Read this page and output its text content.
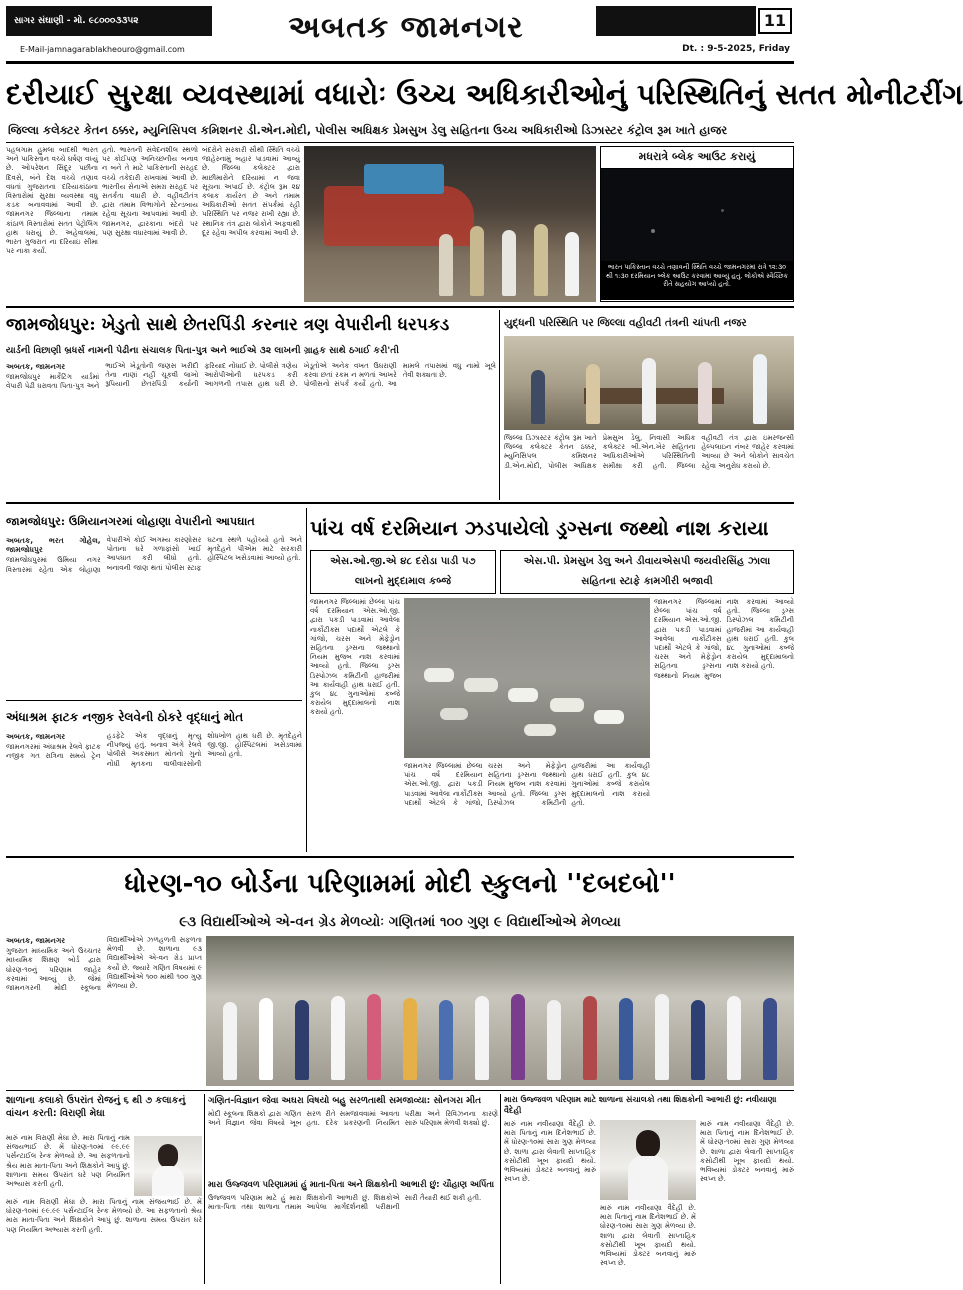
સાગર સંઘાણી - મો. ૯૮૦૦૦૩૩૫૨
E-Mail-jamnagarablakheouro@gmail.com
અબતક જામનગર	11
Dt. : 9-5-2025, Friday
દરીયાઈ સુરક્ષા વ્યવસ્થામાં વધારોઃ ઉચ્ચ અધિકારીઓનું પરિસ્થિતિનું સતત મોનીટરીંગ
જિલ્લા કલેક્ટર કેતન ઠક્કર, મ્યુનિસિપલ કમિશનર ડી.એન.મોદી, પોલીસ અધિક્ષક પ્રેમસુખ ડેલુ સહિતના ઉચ્ચ અધિકારીઓ ડિઝાસ્ટર કંટ્રોલ રૂમ ખાતે હાજર

પહલગામ હુમલા બાદથી ભારત અને પાકિસ્તાન વચ્ચે ઘર્ષણ વધ્યું છે. ઓપરેશન સિંદૂર પછીના દિવસે, બંને દેશ વચ્ચે તણાવ વધતાં ગુજરાતના દરિયાકાંઠાના વિસ્તારોમાં સુરક્ષા વ્યવસ્થા વધુ કડક બનાવવામાં આવી છે. જામનગર જિલ્લાના તમામ કાંઠાળ વિસ્તારોમાં સતત પેટ્રોલિંગ હાથ ધરાયું છે. અહેવાલમાં, ભારત ગુજરાત ના દરિયાઇ સીમા પર નાકા કર્યાં.

હતો. ભારતની સંવેદનશીલ સ્થળો પર કોઈપણ અનિચ્છનીય બનાવ ન બને તે માટે પાકિસ્તાની સરહદ વચ્ચે તકેદારી રાખવામાં આવી છે. ભારતીય સેનાએ સમગ્ર સરહદ પર સતર્કતા વધારી છે. વહીવટીતંત્ર દ્વારા તમામ વિભાગોને સ્ટેન્ડબાય રહેવા સૂચના આપવામાં આવી છે. જામનગર, દ્વારકાના બંદરો પર પણ સુરક્ષા વધારવામાં આવી છે.

બંદરોને સરકારી સૌથી સ્થિતિ વચ્ચે જાહેરનામું બહાર પાડવામાં આવ્યું છે. જિલ્લા કલેક્ટર દ્વારા માછીમારોને દરિયામાં ન જવા સૂચના અપાઈ છે. કંટ્રોલ રૂમ ૨૪ કલાક કાર્યરત છે અને તમામ અધિકારીઓ સતત સંપર્કમાં રહી પરિસ્થિતિ પર નજર રાખી રહ્યા છે. સ્થાનિક તંત્ર દ્વારા લોકોને અફવાથી દૂર રહેવા અપીલ કરવામાં આવી છે.

મધરાત્રે બ્લેક આઉટ કરાયું

ભારત પાકિસ્તાન વચ્ચે તણાવની સ્થિતિ વચ્ચે જામનગરમાં રાત્રે ૧૨:૩૦ થી ૧:૩૦ દરમિયાન બ્લેક આઉટ કરવામાં આવ્યું હતું. લોકોએ સ્વૈચ્છિક રીતે સહયોગ આપ્યો હતો.

જામજોધપુર: ખેડુતો સાથે છેતરપિંડી કરનાર ત્રણ વેપારીની ધરપકડ
યાર્ડની વિછાણી બ્રધર્સ નામની પેઢીના સંચાલક પિતા-પુત્ર અને ભાઈએ ૩૨ લાખની ગ્રાહક સાથે ઠગાઈ કરી'તી
અબતક, જામનગર

જામજોધપુર માર્કેટિંગ યાર્ડમાં વેપારી પેઢી ધરાવતા પિતા-પુત્ર અને ભાઈએ ખેડૂતોની જણસ ખરીદી તેના નાણાં નહીં ચૂકવી લાખો રૂપિયાની છેતરપિંડી કર્યાની ફરિયાદ નોંધાઈ છે. પોલીસે ત્રણેય આરોપીઓની ધરપકડ કરી આગળની તપાસ હાથ ધરી છે. ખેડૂતોએ અનેક વખત ઉઘરાણી કરવા છતાં રકમ ન મળતાં આખરે પોલીસનો સંપર્ક કર્યો હતો. આ મામલે તપાસમાં વધુ નામો ખૂલે તેવી શક્યતા છે.

યુદ્ધની પરિસ્થિતિ પર જિલ્લા વહીવટી તંત્રની ચાંપતી નજર

જિલ્લા ડિઝાસ્ટર કંટ્રોલ રૂમ ખાતે જિલ્લા કલેક્ટર કેતન ઠક્કર, મ્યુનિસિપલ કમિશનર ડી.એન.મોદી, પોલીસ અધિક્ષક પ્રેમસુખ ડેલુ, નિવાસી અધિક કલેક્ટર બી.એન.ખેર સહિતના અધિકારીઓએ પરિસ્થિતિની સમીક્ષા કરી હતી. જિલ્લા વહીવટી તંત્ર દ્વારા ઇમરજન્સી હેલ્પલાઇન નંબર જાહેર કરવામાં આવ્યા છે અને લોકોને સાવચેત રહેવા અનુરોધ કરાયો છે.

જામજોધપુર: ઉમિયાનગરમાં લોહાણા વેપારીનો આપઘાત
અબતક, ભરત ગોહેલ, જામજોધપુર

જામજોધપુરમાં ઉમિયા નગર વિસ્તારમાં રહેતા એક લોહાણા વેપારીએ કોઈ અગમ્ય કારણોસર પોતાના ઘરે ગળાફાંસો ખાઈ આપઘાત કરી લીધો હતો. બનાવની જાણ થતાં પોલીસ સ્ટાફ ઘટના સ્થળે પહોંચ્યો હતો અને મૃતદેહને પીએમ માટે સરકારી હોસ્પિટલ ખસેડવામાં આવ્યો હતો.

અંધાશ્રમ ફાટક નજીક રેલવેની ઠોકરે વૃદ્ધાનું મોત
અબતક, જામનગર

જામનગરમાં અંધાશ્રમ રેલવે ફાટક નજીક ગત રાત્રિના સમયે ટ્રેન હડફેટે એક વૃદ્ધાનું મૃત્યુ નીપજ્યું હતું. બનાવ અંગે રેલવે પોલીસે અકસ્માત મોતનો ગુનો નોંધી મૃતકના વાલીવારસોની શોધખોળ હાથ ધરી છે. મૃતદેહને જી.જી. હોસ્પિટલમાં ખસેડવામાં આવ્યો હતો.

પાંચ વર્ષ દરમિયાન ઝડપાયેલો ડ્રગ્સના જથ્થો નાશ કરાયા
એસ.ઓ.જી.એ ૪૮ દરોડા પાડી ૫૭ લાખનો મુદ્દામાલ કબ્જે
એસ.પી. પ્રેમસુખ ડેલુ અને ડીવાયએસપી જયવીરસિંહ ઝાલા સહિતના સ્ટાફે કામગીરી બજાવી

જામનગર જિલ્લામાં છેલ્લા પાંચ વર્ષ દરમિયાન એસ.ઓ.જી. દ્વારા પકડી પાડવામાં આવેલા નાર્કોટીક્સ પદાર્થો એટલે કે ગાંજો, ચરસ અને મેફેડ્રોન સહિતના ડ્રગ્સના જથ્થાનો નિયમ મુજબ નાશ કરવામાં આવ્યો હતો. જિલ્લા ડ્રગ્સ ડિસ્પોઝલ કમિટીની હાજરીમાં આ કાર્યવાહી હાથ ધરાઈ હતી. કુલ ૪૮ ગુનાઓમાં કબ્જે કરાયેલ મુદ્દામાલનો નાશ કરાયો હતો.

જામનગર જિલ્લામાં છેલ્લા પાંચ વર્ષ દરમિયાન એસ.ઓ.જી. દ્વારા પકડી પાડવામાં આવેલા નાર્કોટીક્સ પદાર્થો એટલે કે ગાંજો, ચરસ અને મેફેડ્રોન સહિતના ડ્રગ્સના જથ્થાનો નિયમ મુજબ નાશ કરવામાં આવ્યો હતો. જિલ્લા ડ્રગ્સ ડિસ્પોઝલ કમિટીની હાજરીમાં આ કાર્યવાહી હાથ ધરાઈ હતી. કુલ ૪૮ ગુનાઓમાં કબ્જે કરાયેલ મુદ્દામાલનો નાશ કરાયો હતો.

જામનગર જિલ્લામાં છેલ્લા પાંચ વર્ષ દરમિયાન એસ.ઓ.જી. દ્વારા પકડી પાડવામાં આવેલા નાર્કોટીક્સ પદાર્થો એટલે કે ગાંજો, ચરસ અને મેફેડ્રોન સહિતના ડ્રગ્સના જથ્થાનો નિયમ મુજબ નાશ કરવામાં આવ્યો હતો. જિલ્લા ડ્રગ્સ ડિસ્પોઝલ કમિટીની હાજરીમાં આ કાર્યવાહી હાથ ધરાઈ હતી. કુલ ૪૮ ગુનાઓમાં કબ્જે કરાયેલ મુદ્દામાલનો નાશ કરાયો હતો.

ધોરણ-૧૦ બોર્ડના પરિણામમાં મોદી સ્કુલનો ''દબદબો''
૯૩ વિદ્યાર્થીઓએ એ-વન ગ્રેડ મેળવ્યોઃ ગણિતમાં ૧૦૦ ગુણ ૯ વિદ્યાર્થીઓએ મેળવ્યા
અબતક, જામનગર

ગુજરાત માધ્યમિક અને ઉચ્ચતર માધ્યમિક શિક્ષણ બોર્ડ દ્વારા ધોરણ-૧૦નું પરિણામ જાહેર કરવામાં આવ્યું છે. જેમાં જામનગરની મોદી સ્કૂલના વિદ્યાર્થીઓએ ઝળહળતી સફળતા મેળવી છે. શાળાના ૯૩ વિદ્યાર્થીઓએ એ-વન ગ્રેડ પ્રાપ્ત કર્યો છે. જ્યારે ગણિત વિષયમાં ૯ વિદ્યાર્થીઓએ ૧૦૦ માંથી ૧૦૦ ગુણ મેળવ્યા છે.

શાળાના કલાકો ઉપરાંત રોજનું ૬ થી ૭ કલાકનું વાંચન કરતી: વિરાણી મેઘા

મારું નામ વિરાણી મેઘા છે. મારા પિતાનું નામ સંજયભાઈ છે. મેં ધોરણ-૧૦માં ૯૯.૯૯ પર્સન્ટાઈલ રેન્ક મેળવ્યો છે. આ સફળતાનો શ્રેય મારા માતા-પિતા અને શિક્ષકોને આપું છું. શાળાના સમય ઉપરાંત ઘરે પણ નિયમિત અભ્યાસ કરતી હતી.

મારું નામ વિરાણી મેઘા છે. મારા પિતાનું નામ સંજયભાઈ છે. મેં ધોરણ-૧૦માં ૯૯.૯૯ પર્સન્ટાઈલ રેન્ક મેળવ્યો છે. આ સફળતાનો શ્રેય મારા માતા-પિતા અને શિક્ષકોને આપું છું. શાળાના સમય ઉપરાંત ઘરે પણ નિયમિત અભ્યાસ કરતી હતી.

ગણિત-વિજ્ઞાન જેવા અઘરા વિષયો બહુ સરળતાથી સમજાવ્યા: સોનગરા મીત

મોદી સ્કૂલના શિક્ષકો દ્વારા ગણિત અને વિજ્ઞાન જેવા વિષયો ખૂબ સરળ રીતે સમજાવવામાં આવતા હતા. દરેક પ્રકરણની નિયમિત પરીક્ષા અને રિવિઝનના કારણે સારું પરિણામ મેળવી શક્યો છું.

મારા ઉજ્જવળ પરિણામમાં હું માતા-પિતા અને શિક્ષકોની આભારી છું: ચૌહાણ અર્પિતા

ઉજ્જવળ પરિણામ માટે હું મારા માતા-પિતા તથા શાળાના તમામ શિક્ષકોની આભારી છું. શિક્ષકોએ આપેલા માર્ગદર્શનથી પરીક્ષાની સારી તૈયારી થઈ શકી હતી.

મારા ઉજ્જવળ પરિણામ માટે શાળાના સંચાલકો તથા શિક્ષકોની આભારી છું: નવીયાણા વૈદેહી

મારું નામ નવીયાણા વૈદેહી છે. મારા પિતાનું નામ દિનેશભાઈ છે. મેં ધોરણ-૧૦માં સારા ગુણ મેળવ્યા છે. શાળા દ્વારા લેવાતી સાપ્તાહિક કસોટીથી ખૂબ ફાયદો થયો. ભવિષ્યમાં ડોક્ટર બનવાનું મારું સ્વપ્ન છે.

મારું નામ નવીયાણા વૈદેહી છે. મારા પિતાનું નામ દિનેશભાઈ છે. મેં ધોરણ-૧૦માં સારા ગુણ મેળવ્યા છે. શાળા દ્વારા લેવાતી સાપ્તાહિક કસોટીથી ખૂબ ફાયદો થયો. ભવિષ્યમાં ડોક્ટર બનવાનું મારું સ્વપ્ન છે.

મારું નામ નવીયાણા વૈદેહી છે. મારા પિતાનું નામ દિનેશભાઈ છે. મેં ધોરણ-૧૦માં સારા ગુણ મેળવ્યા છે. શાળા દ્વારા લેવાતી સાપ્તાહિક કસોટીથી ખૂબ ફાયદો થયો. ભવિષ્યમાં ડોક્ટર બનવાનું મારું સ્વપ્ન છે.
